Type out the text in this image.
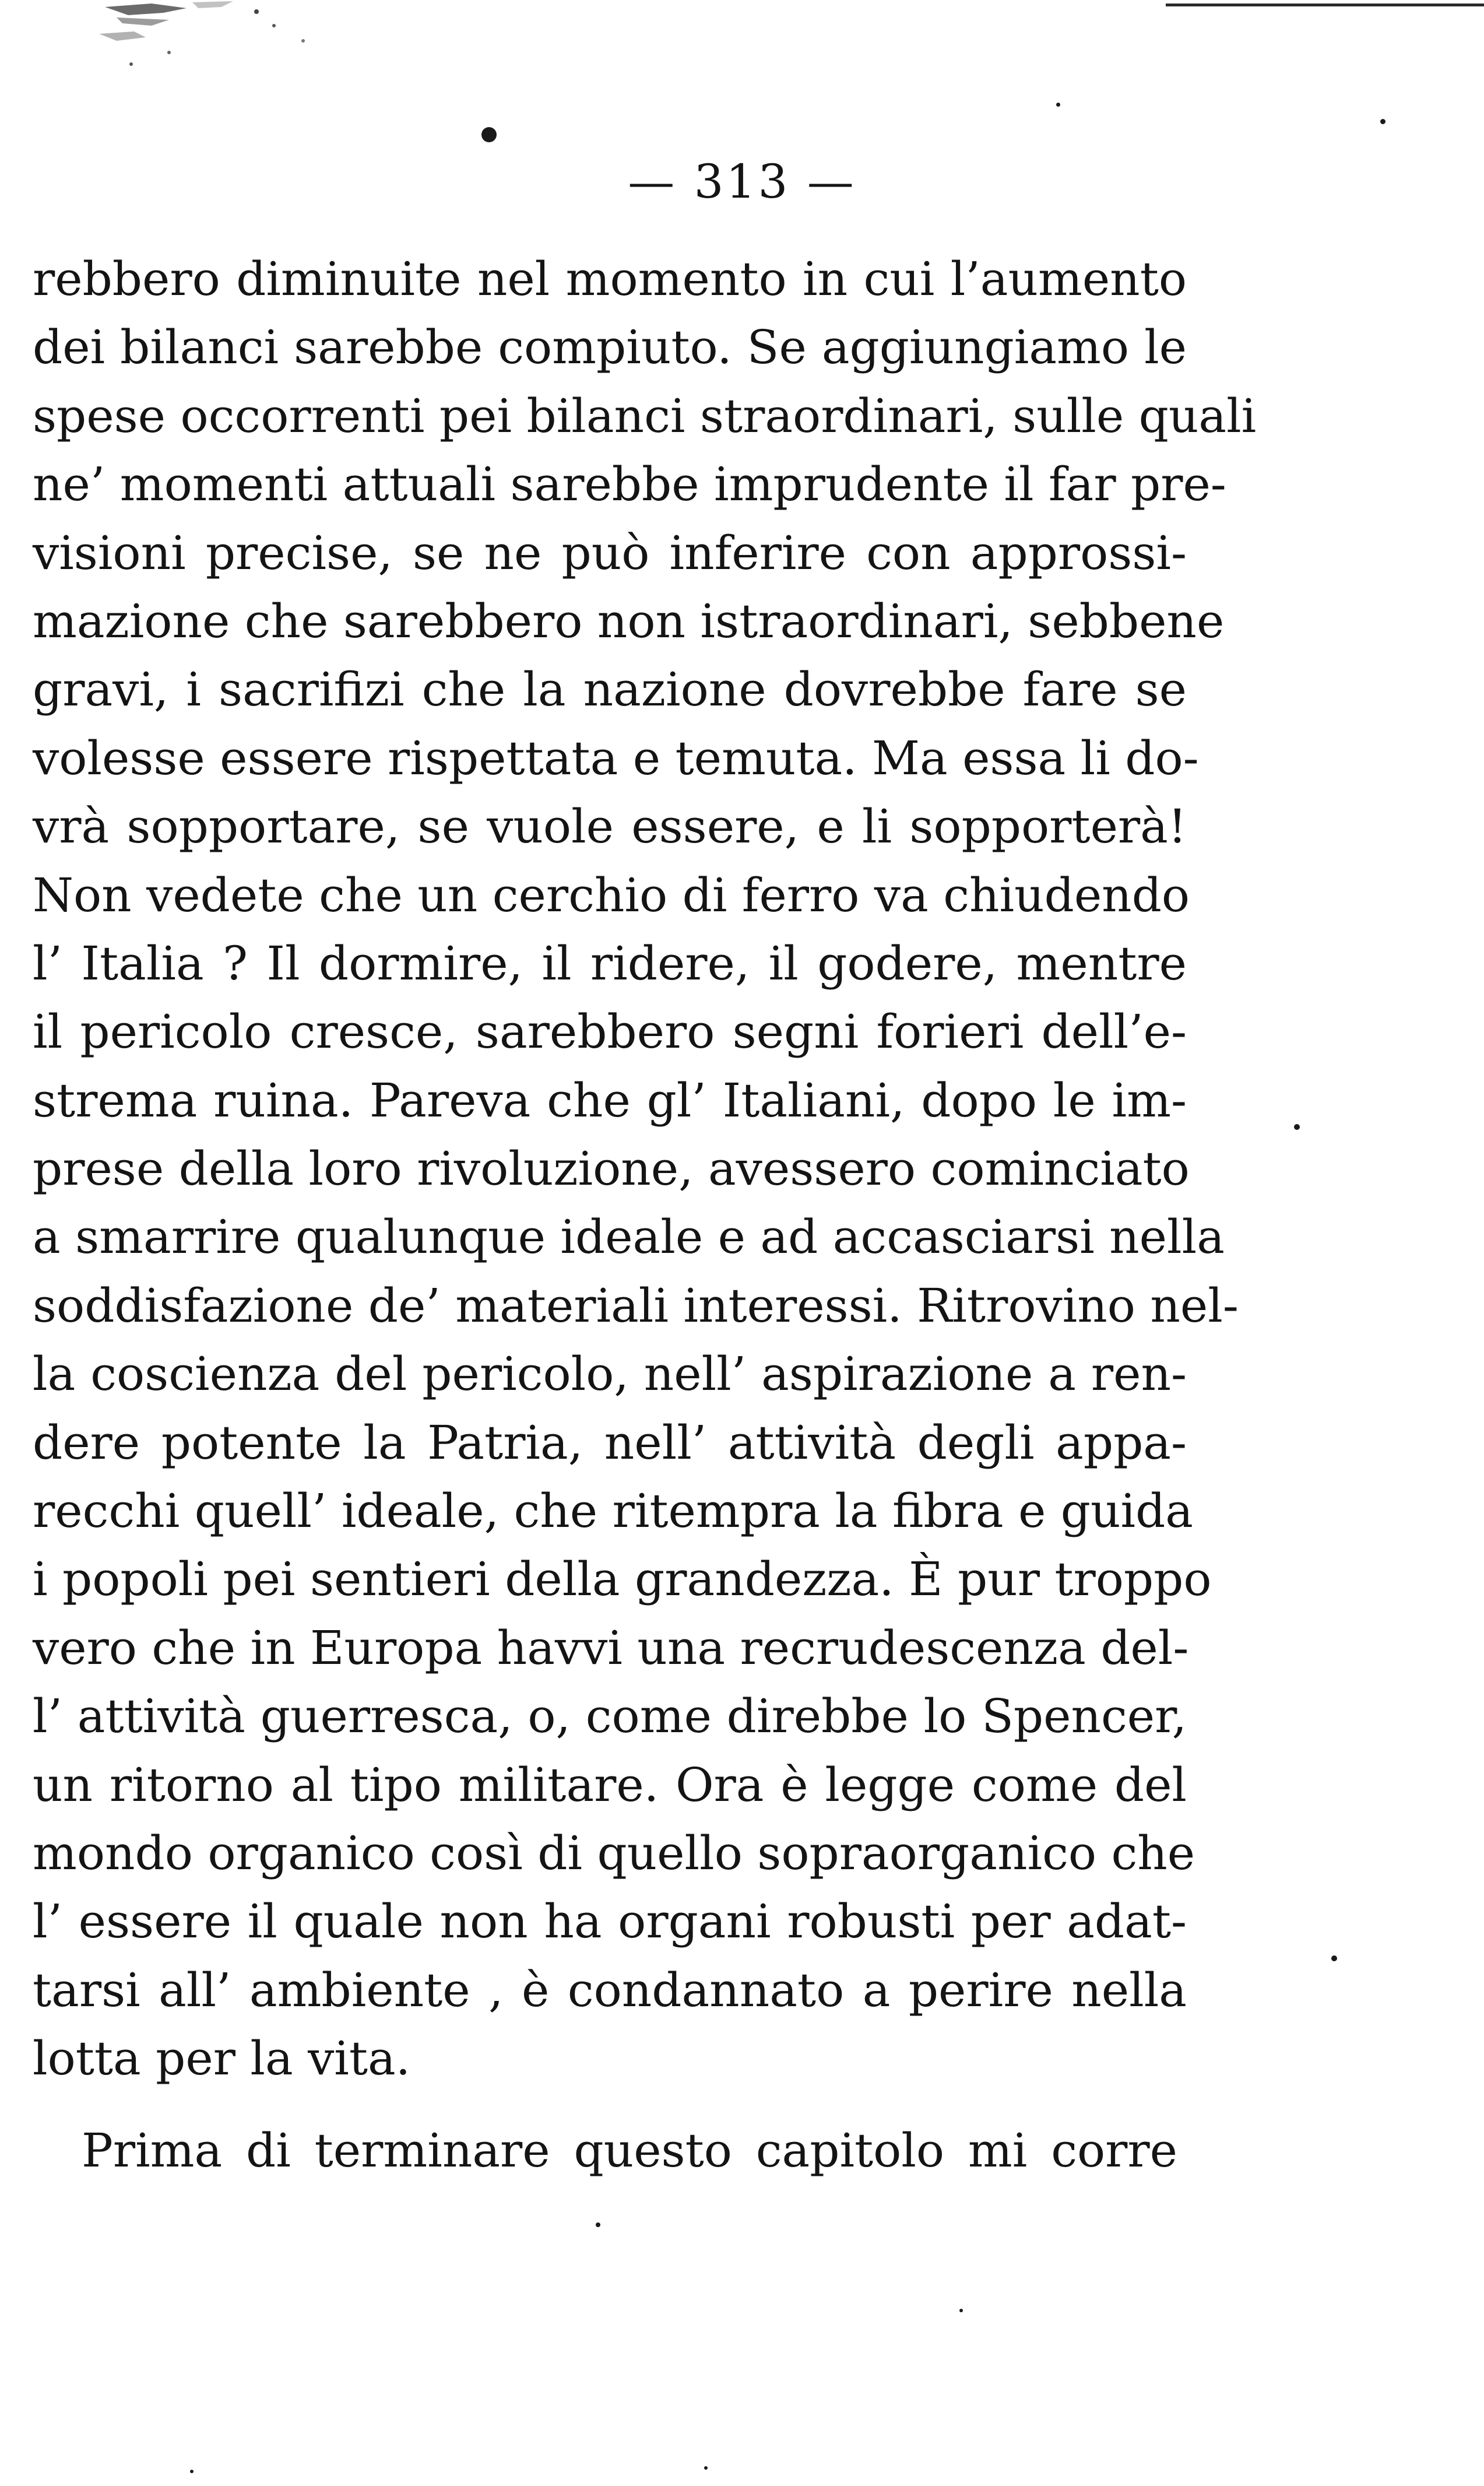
— 313 —
rebbero diminuite nel momento in cui l’aumento
dei bilanci sarebbe compiuto. Se aggiungiamo le
spese occorrenti pei bilanci straordinari, sulle quali
ne’ momenti attuali sarebbe imprudente il far pre-
visioni precise, se ne può inferire con approssi-
mazione che sarebbero non istraordinari, sebbene
gravi, i sacrifizi che la nazione dovrebbe fare se
volesse essere rispettata e temuta. Ma essa li do-
vrà sopportare, se vuole essere, e li sopporterà!
Non vedete che un cerchio di ferro va chiudendo
l’ Italia ? Il dormire, il ridere, il godere, mentre
il pericolo cresce, sarebbero segni forieri dell’e-
strema ruina. Pareva che gl’ Italiani, dopo le im-
prese della loro rivoluzione, avessero cominciato
a smarrire qualunque ideale e ad accasciarsi nella
soddisfazione de’ materiali interessi. Ritrovino nel-
la coscienza del pericolo, nell’ aspirazione a ren-
dere potente la Patria, nell’ attività degli appa-
recchi quell’ ideale, che ritempra la fibra e guida
i popoli pei sentieri della grandezza. È pur troppo
vero che in Europa havvi una recrudescenza del-
l’ attività guerresca, o, come direbbe lo Spencer,
un ritorno al tipo militare. Ora è legge come del
mondo organico così di quello sopraorganico che
l’ essere il quale non ha organi robusti per adat-
tarsi all’ ambiente , è condannato a perire nella
lotta per la vita.
Prima di terminare questo capitolo mi corre
